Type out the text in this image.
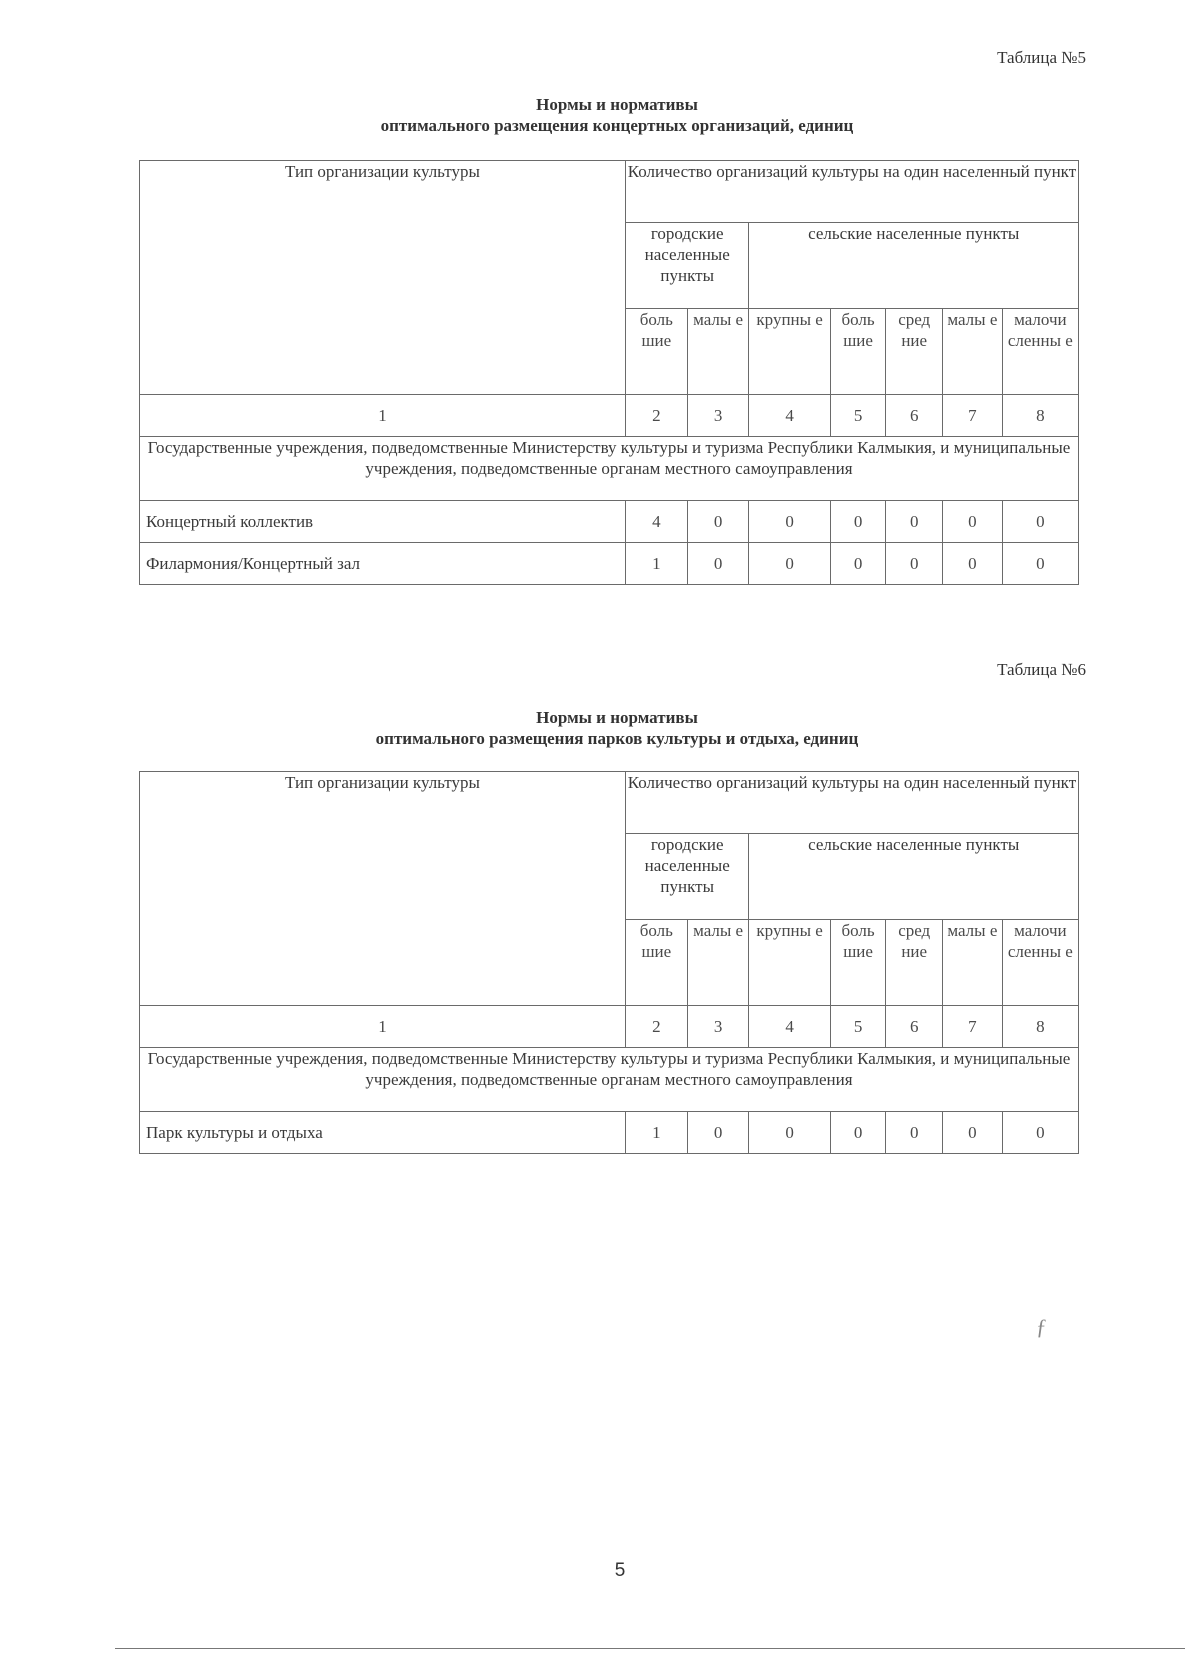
Таблица №5
Нормы и нормативы
оптимального размещения концертных организаций, единиц
Тип организации культуры	Количество организаций культуры на один населенный пункт						
	городские населенные пункты		сельские населенные пункты				
	боль шие	малы е	крупны е	боль шие	сред ние	малы е	малочи сленны е
1	2	3	4	5	6	7	8
Государственные учреждения, подведомственные Министерству культуры и туризма Республики Калмыкия, и муниципальные учреждения, подведомственные органам местного самоуправления							
Концертный коллектив	4	0	0	0	0	0	0
Филармония/Концертный зал	1	0	0	0	0	0	0
Таблица №6
Нормы и нормативы
оптимального размещения парков культуры и отдыха, единиц
Тип организации культуры	Количество организаций культуры на один населенный пункт						
	городские населенные пункты		сельские населенные пункты				
	боль шие	малы е	крупны е	боль шие	сред ние	малы е	малочи сленны е
1	2	3	4	5	6	7	8
Государственные учреждения, подведомственные Министерству культуры и туризма Республики Калмыкия, и муниципальные учреждения, подведомственные органам местного самоуправления							
Парк культуры и отдыха	1	0	0	0	0	0	0
ƒ
5
